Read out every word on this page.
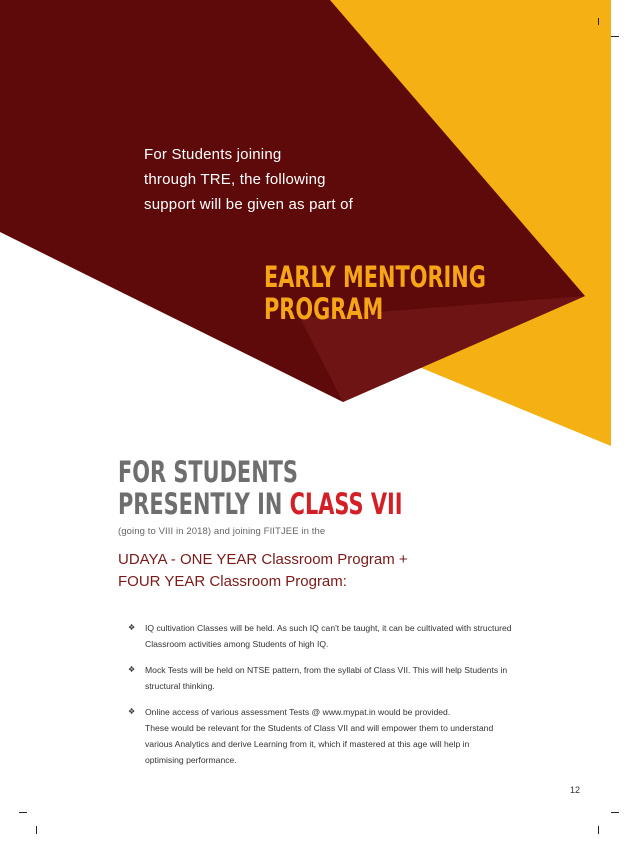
For Students joining
through TRE, the following
support will be given as part of

EARLY MENTORING
PROGRAM
FOR STUDENTS
PRESENTLY IN CLASS VII
(going to VIII in 2018) and joining FIITJEE in the
UDAYA - ONE YEAR Classroom Program +
FOUR YEAR Classroom Program:
❖ IQ cultivation Classes will be held. As such IQ can't be taught, it can be cultivated with structured
Classroom activities among Students of high IQ.
❖ Mock Tests will be held on NTSE pattern, from the syllabi of Class VII. This will help Students in
structural thinking.
❖ Online access of various assessment Tests @ www.mypat.in would be provided.
These would be relevant for the Students of Class VII and will empower them to understand
various Analytics and derive Learning from it, which if mastered at this age will help in
optimising performance.
12
